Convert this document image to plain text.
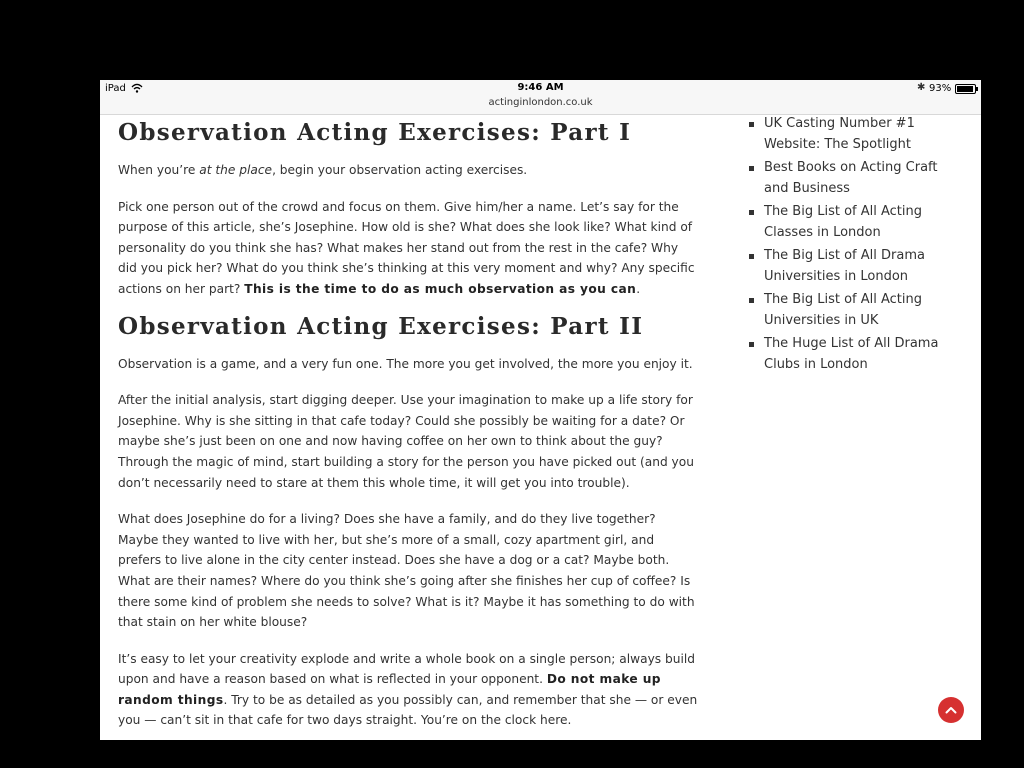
iPad	9:46 AM
actinginlondon.co.uk
✱ 93%
Observation Acting Exercises: Part I

When you’re at the place, begin your observation acting exercises.

Pick one person out of the crowd and focus on them. Give him/her a name. Let’s say for the purpose of this article, she’s Josephine. How old is she? What does she look like? What kind of personality do you think she has? What makes her stand out from the rest in the cafe? Why did you pick her? What do you think she’s thinking at this very moment and why? Any specific actions on her part? This is the time to do as much observation as you can.

Observation Acting Exercises: Part II

Observation is a game, and a very fun one. The more you get involved, the more you enjoy it.

After the initial analysis, start digging deeper. Use your imagination to make up a life story for Josephine. Why is she sitting in that cafe today? Could she possibly be waiting for a date? Or maybe she’s just been on one and now having coffee on her own to think about the guy? Through the magic of mind, start building a story for the person you have picked out (and you don’t necessarily need to stare at them this whole time, it will get you into trouble).

What does Josephine do for a living? Does she have a family, and do they live together? Maybe they wanted to live with her, but she’s more of a small, cozy apartment girl, and prefers to live alone in the city center instead. Does she have a dog or a cat? Maybe both. What are their names? Where do you think she’s going after she finishes her cup of coffee? Is there some kind of problem she needs to solve? What is it? Maybe it has something to do with that stain on her white blouse?

It’s easy to let your creativity explode and write a whole book on a single person; always build upon and have a reason based on what is reflected in your opponent. Do not make up random things. Try to be as detailed as you possibly can, and remember that she — or even you — can’t sit in that cafe for two days straight. You’re on the clock here.

UK Casting Number #1 Website: The Spotlight
Best Books on Acting Craft and Business
The Big List of All Acting Classes in London
The Big List of All Drama Universities in London
The Big List of All Acting Universities in UK
The Huge List of All Drama Clubs in London
